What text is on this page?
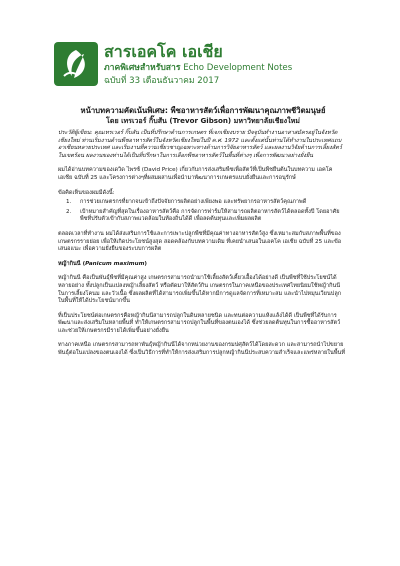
สารเอคโค เอเชีย
ภาคพิเศษสำหรับสาร Echo Development Notes
ฉบับที่ 33 เดือนธันวาคม 2017

หน้าบทความคัดเน้นพิเศษ: พืชอาหารสัตว์เพื่อการพัฒนาคุณภาพชีวิตมนุษย์

โดย เทรเวอร์ กิ๊บสัน (Trevor Gibson) มหาวิทยาลัยเชียงใหม่

ประวัติผู้เขียน: คุณเทรเวอร์ กิ๊บสัน เป็นที่ปรึกษาด้านการเกษตร ที่เจกเชียงบราย ปัจจุบันทำงานอาสาสมัครอยู่ในจังหวัดเชียงใหม่ ท่านเริ่มงานด้านพืชอาหารสัตว์ในจังหวัดเชียงใหม่ในปี ค.ศ. 1972 และตั้งแต่นั้นท่านได้ทำงานในประเทศแถบอาเซียนหลายประเทศ และเริ่มงานที่ความเชี่ยวชาญเฉพาะทางด้านการวิจัยอาหารสัตว์ และผลงานวิจัยด้านการเลี้ยงสัตว์ในเขตร้อน ผลงานของท่านได้เป็นที่ปรึกษาในการเลือกพืชอาหารสัตว์ในพื้นที่ต่างๆ เพื่อการพัฒนาอย่างยั่งยืน

ผมได้อ่านบทความของเดวิด ไพรซ์ (David Price) เกี่ยวกับการส่งเสริมพืชเพื่อสัตว์ที่เป็นพืชยืนต้นในบทความ เอคโค เอเชีย ฉบับที่ 25 และโครงการต่างๆที่ผสมผสานเพื่อนำมาพัฒนาการเกษตรแบบยั่งยืนและการอนุรักษ์

ข้อคิดเห็นของผมมีดังนี้:

1. การช่วยเกษตรกรที่ยากจนเข้าถึงปัจจัยการผลิตอย่างเพียงพอ และทรัพยากรอาหารสัตว์คุณภาพดี
2. เป้าหมายสำคัญที่สุดในเรื่องอาหารสัตว์คือ การจัดการฟาร์มให้สามารถผลิตอาหารสัตว์ได้ตลอดทั้งปี โดยอาศัยพืชที่ปรับตัวเข้ากับสภาพแวดล้อมในท้องถิ่นได้ดี เพื่อลดต้นทุนและเพิ่มผลผลิต

ตลอดเวลาที่ทำงาน ผมได้ส่งเสริมการใช้และการเพาะปลูกพืชที่มีคุณค่าทางอาหารสัตว์สูง ซึ่งเหมาะสมกับสภาพพื้นที่ของเกษตรกรรายย่อย เพื่อให้เกิดประโยชน์สูงสุด สอดคล้องกับบทความเดิม ที่เคยนำเสนอในเอคโค เอเชีย ฉบับที่ 25 และข้อเสนอแนะ เพื่อความยั่งยืนของระบบการผลิต

หญ้ากินนี (Panicum maximum)

หญ้ากินนี คือเป็นพันธุ์พืชที่มีคุณค่าสูง เกษตรกรสามารถนำมาใช้เลี้ยงสัตว์เคี้ยวเอื้องได้อย่างดี เป็นพืชที่ใช้ประโยชน์ได้หลายอย่าง ทั้งปลูกเป็นแปลงหญ้าเลี้ยงสัตว์ หรือตัดมาให้สัตว์กิน เกษตรกรในภาคเหนือของประเทศไทยนิยมใช้หญ้ากินนีในการเลี้ยงโคนม และวัวเนื้อ ซึ่งผลผลิตที่ได้สามารถเพิ่มขึ้นได้หากมีการดูแลจัดการที่เหมาะสม และนำไปหมุนเวียนปลูกในพื้นที่ให้ได้ประโยชน์มากขึ้น

ที่เป็นประโยชน์ต่อเกษตรกรคือหญ้ากินนีสามารถปลูกในดินหลายชนิด และทนต่อความแห้งแล้งได้ดี เป็นพืชที่ได้รับการพัฒนาและส่งเสริมในหลายพื้นที่ ทำให้เกษตรกรสามารถปลูกในพื้นที่ของตนเองได้ ซึ่งช่วยลดต้นทุนในการซื้ออาหารสัตว์ และช่วยให้เกษตรกรมีรายได้เพิ่มขึ้นอย่างยั่งยืน

ทางภาคเหนือ เกษตรกรสามารถหาพันธุ์หญ้ากินนีได้จากหน่วยงานของกรมปศุสัตว์ได้โดยสะดวก และสามารถนำไปขยายพันธุ์ต่อในแปลงของตนเองได้ ซึ่งเป็นวิธีการที่ทำให้การส่งเสริมการปลูกหญ้ากินนีประสบความสำเร็จและแพร่หลายในพื้นที่
